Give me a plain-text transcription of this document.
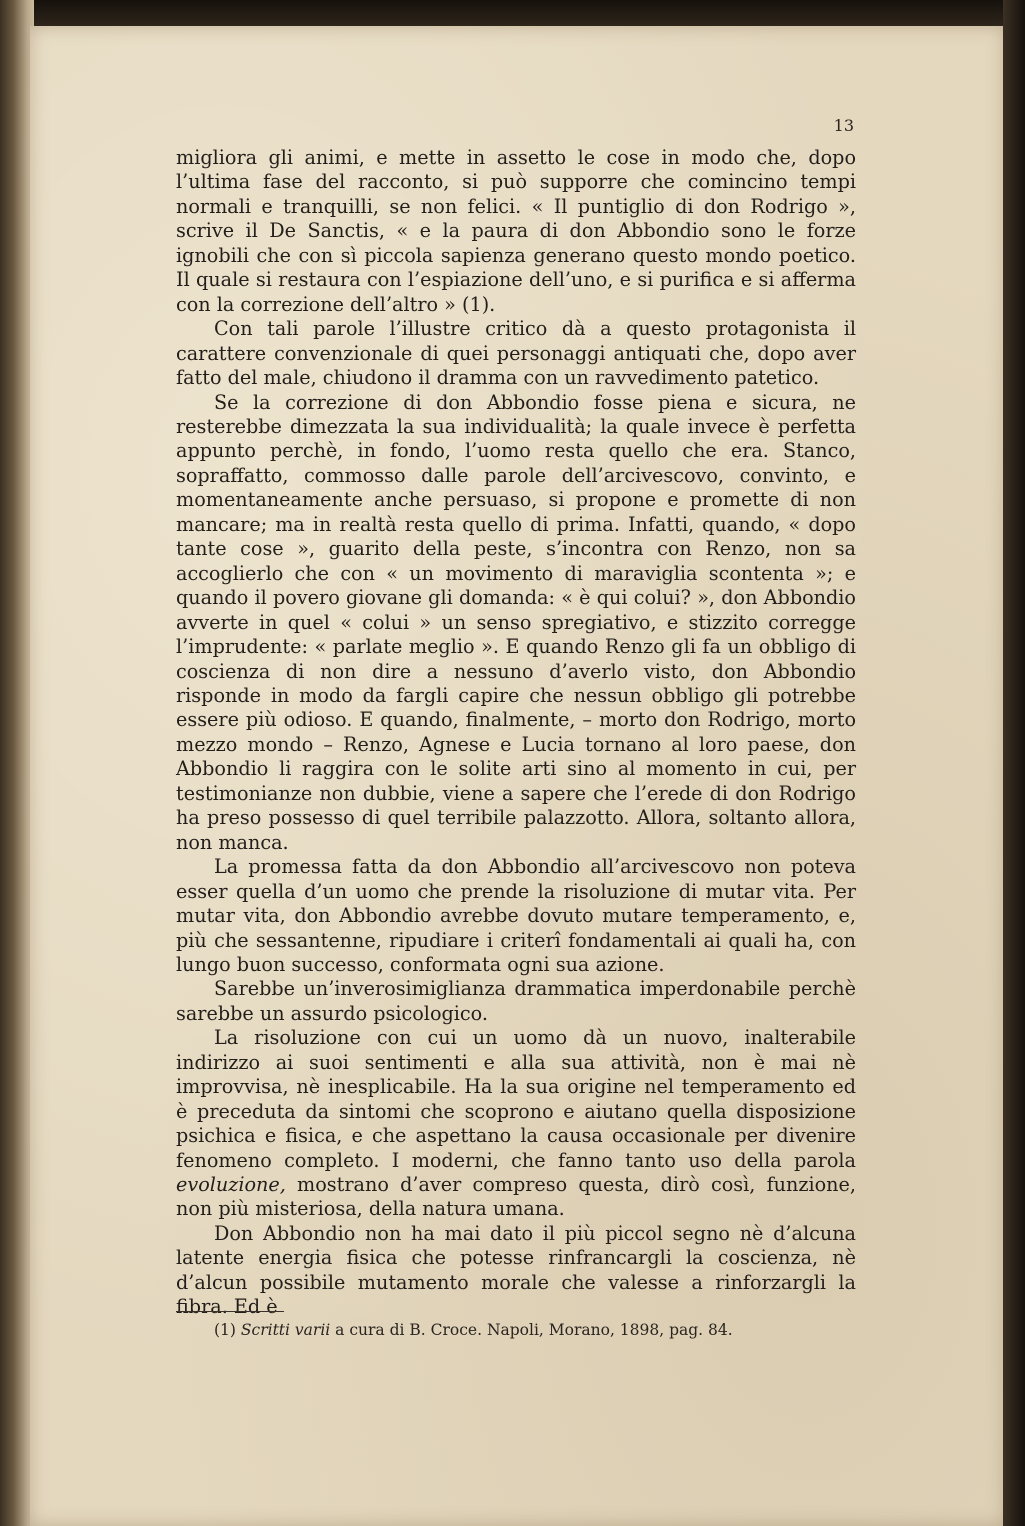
13

migliora gli animi, e mette in assetto le cose in modo che, dopo l’ultima fase del racconto, si può supporre che comincino tempi normali e tranquilli, se non felici. « Il puntiglio di don Rodrigo », scrive il De Sanctis, « e la paura di don Abbondio sono le forze ignobili che con sì piccola sapienza generano questo mondo poetico. Il quale si restaura con l’espiazione dell’uno, e si purifica e si afferma con la correzione dell’altro » (1).

Con tali parole l’illustre critico dà a questo protagonista il carattere convenzionale di quei personaggi antiquati che, dopo aver fatto del male, chiudono il dramma con un ravvedimento patetico.

Se la correzione di don Abbondio fosse piena e sicura, ne resterebbe dimezzata la sua individualità; la quale invece è perfetta appunto perchè, in fondo, l’uomo resta quello che era. Stanco, sopraffatto, commosso dalle parole dell’arcivescovo, convinto, e momentaneamente anche persuaso, si propone e promette di non mancare; ma in realtà resta quello di prima. Infatti, quando, « dopo tante cose », guarito della peste, s’incontra con Renzo, non sa accoglierlo che con « un movimento di maraviglia scontenta »; e quando il povero giovane gli domanda: « è qui colui? », don Abbondio avverte in quel « colui » un senso spregiativo, e stizzito corregge l’imprudente: « parlate meglio ». E quando Renzo gli fa un obbligo di coscienza di non dire a nessuno d’averlo visto, don Abbondio risponde in modo da fargli capire che nessun obbligo gli potrebbe essere più odioso. E quando, finalmente, – morto don Rodrigo, morto mezzo mondo – Renzo, Agnese e Lucia tornano al loro paese, don Abbondio li raggira con le solite arti sino al momento in cui, per testimonianze non dubbie, viene a sapere che l’erede di don Rodrigo ha preso possesso di quel terribile palazzotto. Allora, soltanto allora, non manca.

La promessa fatta da don Abbondio all’arcivescovo non poteva esser quella d’un uomo che prende la risoluzione di mutar vita. Per mutar vita, don Abbondio avrebbe dovuto mutare temperamento, e, più che sessantenne, ripudiare i criterî fondamentali ai quali ha, con lungo buon successo, conformata ogni sua azione.

Sarebbe un’inverosimiglianza drammatica imperdonabile perchè sarebbe un assurdo psicologico.

La risoluzione con cui un uomo dà un nuovo, inalterabile indirizzo ai suoi sentimenti e alla sua attività, non è mai nè improvvisa, nè inesplicabile. Ha la sua origine nel temperamento ed è preceduta da sintomi che scoprono e aiutano quella disposizione psichica e fisica, e che aspettano la causa occasionale per divenire fenomeno completo. I moderni, che fanno tanto uso della parola evoluzione, mostrano d’aver compreso questa, dirò così, funzione, non più misteriosa, della natura umana.

Don Abbondio non ha mai dato il più piccol segno nè d’alcuna latente energia fisica che potesse rinfrancargli la coscienza, nè d’alcun possibile mutamento morale che valesse a rinforzargli la fibra. Ed è

(1) Scritti varii a cura di B. Croce. Napoli, Morano, 1898, pag. 84.
